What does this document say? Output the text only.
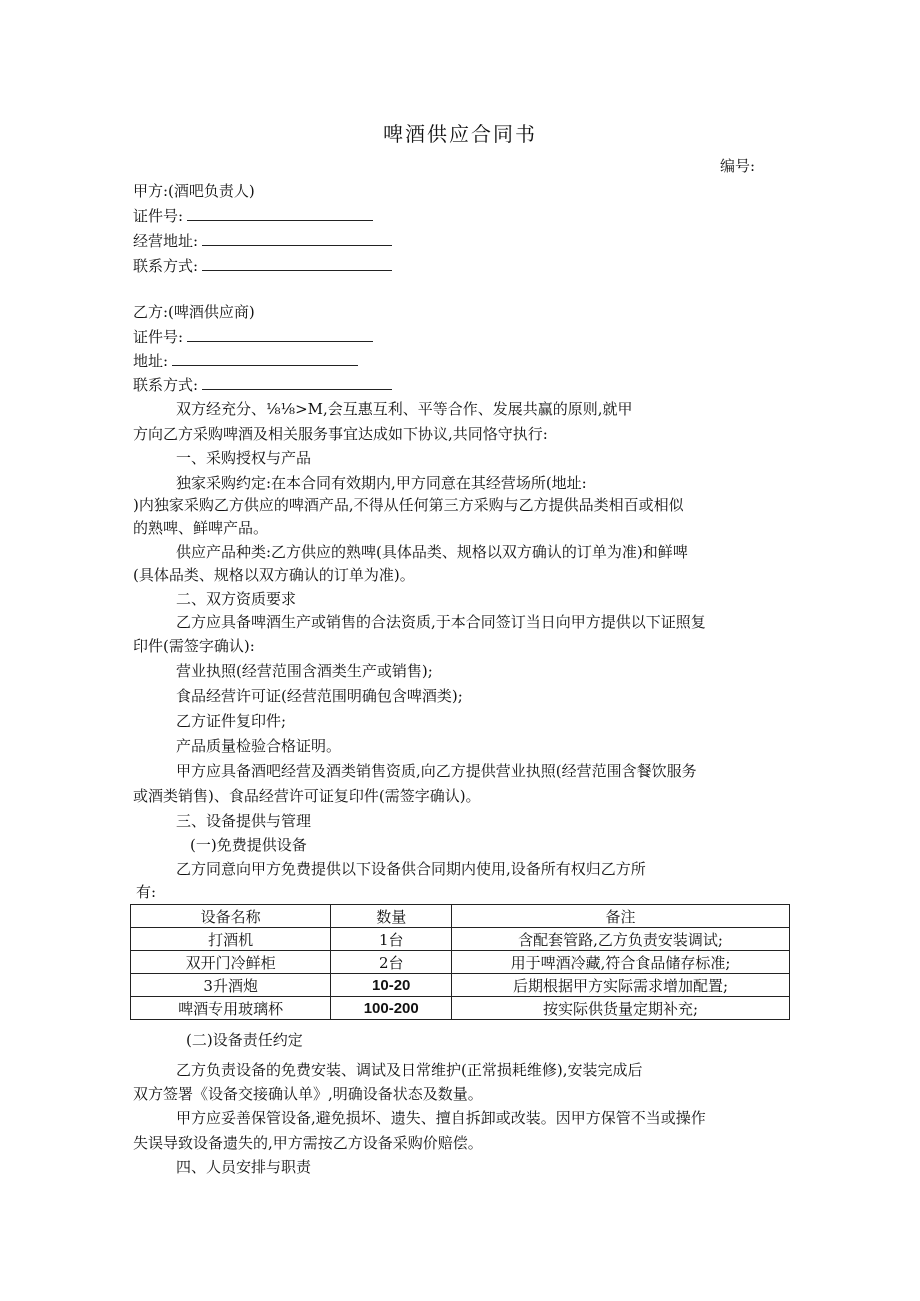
啤酒供应合同书
编号:
甲方:(酒吧负责人)
证件号:
经营地址:
联系方式:
乙方:(啤酒供应商)
证件号:
地址:
联系方式:
双方经充分、⅛⅛>M,会互惠互利、平等合作、发展共赢的原则,就甲
方向乙方采购啤酒及相关服务事宜达成如下协议,共同恪守执行:
一、采购授权与产品
独家采购约定:在本合同有效期内,甲方同意在其经营场所(地址:
)内独家采购乙方供应的啤酒产品,不得从任何第三方采购与乙方提供品类相百或相似
的熟啤、鲜啤产品。
供应产品种类:乙方供应的熟啤(具体品类、规格以双方确认的订单为准)和鲜啤
(具体品类、规格以双方确认的订单为准)。
二、双方资质要求
乙方应具备啤酒生产或销售的合法资质,于本合同签订当日向甲方提供以下证照复
印件(需签字确认):
营业执照(经营范围含酒类生产或销售);
食品经营许可证(经营范围明确包含啤酒类);
乙方证件复印件;
产品质量检验合格证明。
甲方应具备酒吧经营及酒类销售资质,向乙方提供营业执照(经营范围含餐饮服务
或酒类销售)、食品经营许可证复印件(需签字确认)。
三、设备提供与管理
(一)免费提供设备
乙方同意向甲方免费提供以下设备供合同期内使用,设备所有权归乙方所
有:
设备名称	数量	备注
打酒机	1台	含配套管路,乙方负责安装调试;
双开门冷鲜柜	2台	用于啤酒冷藏,符合食品储存标准;
3升酒炮	10-20	后期根据甲方实际需求增加配置;
啤酒专用玻璃杯	100-200	按实际供货量定期补充;
(二)设备责任约定
乙方负责设备的免费安装、调试及日常维护(正常损耗维修),安装完成后
双方签署《设备交接确认单》,明确设备状态及数量。
甲方应妥善保管设备,避免损坏、遗失、擅自拆卸或改装。因甲方保管不当或操作
失误导致设备遗失的,甲方需按乙方设备采购价赔偿。
四、人员安排与职责
